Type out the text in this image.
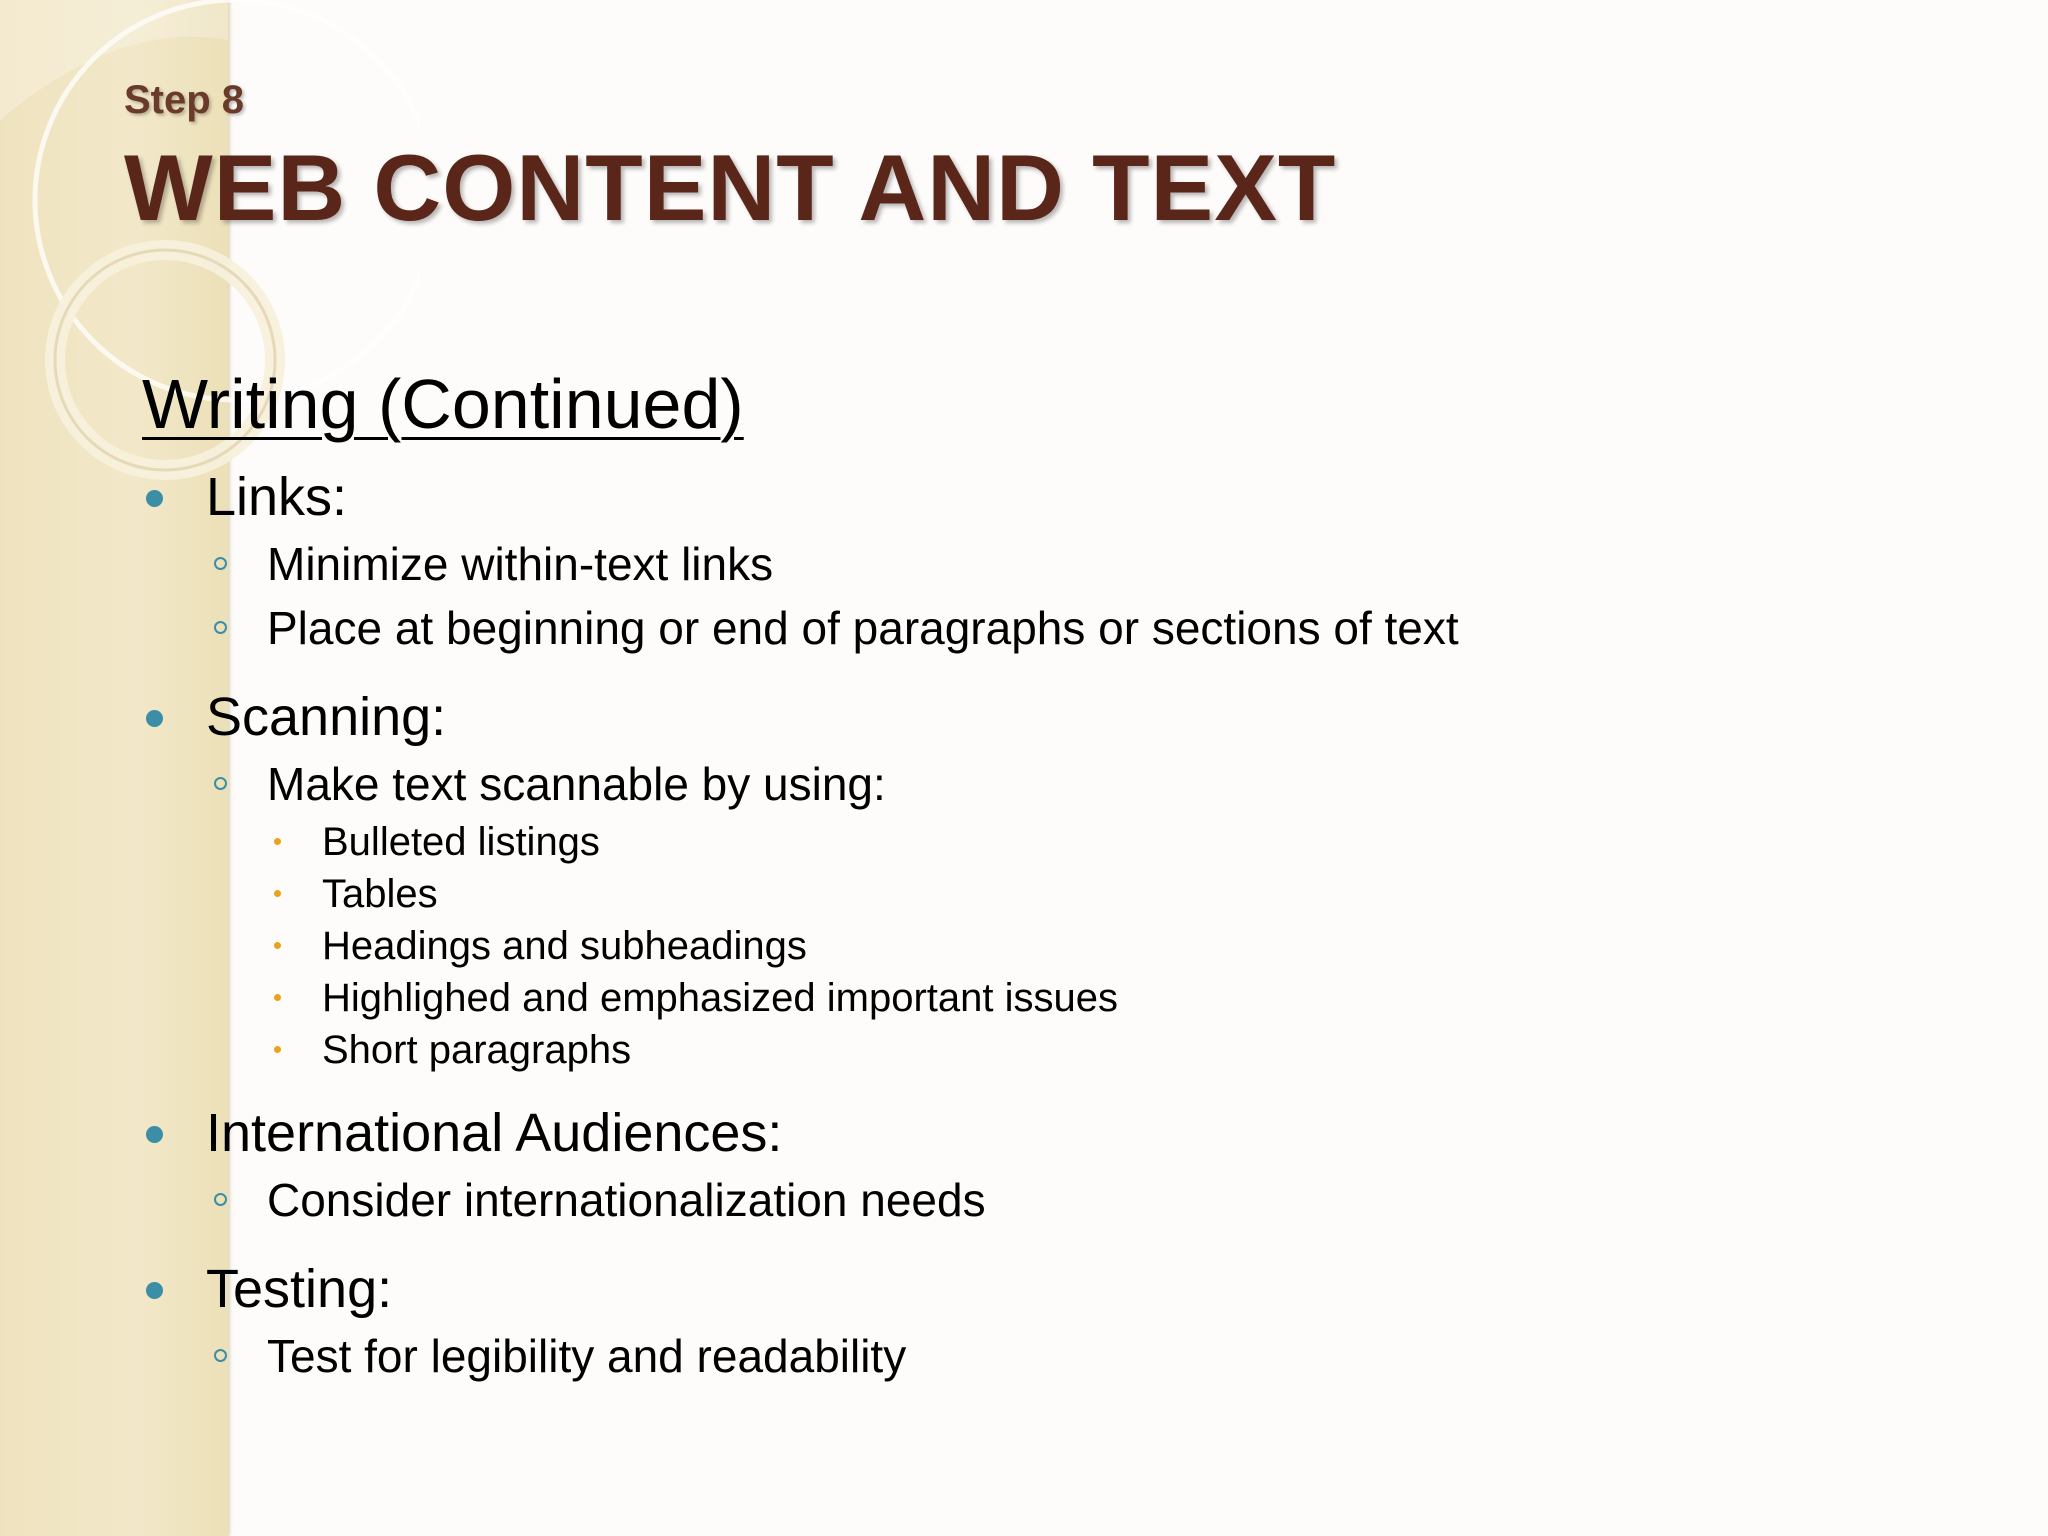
Step 8
WEB CONTENT AND TEXT
Writing (Continued)
Links:
Minimize within-text links
Place at beginning or end of paragraphs or sections of text
Scanning:
Make text scannable by using:
Bulleted listings
Tables
Headings and subheadings
Highlighed and emphasized important issues
Short paragraphs
International Audiences:
Consider internationalization needs
Testing:
Test for legibility and readability
